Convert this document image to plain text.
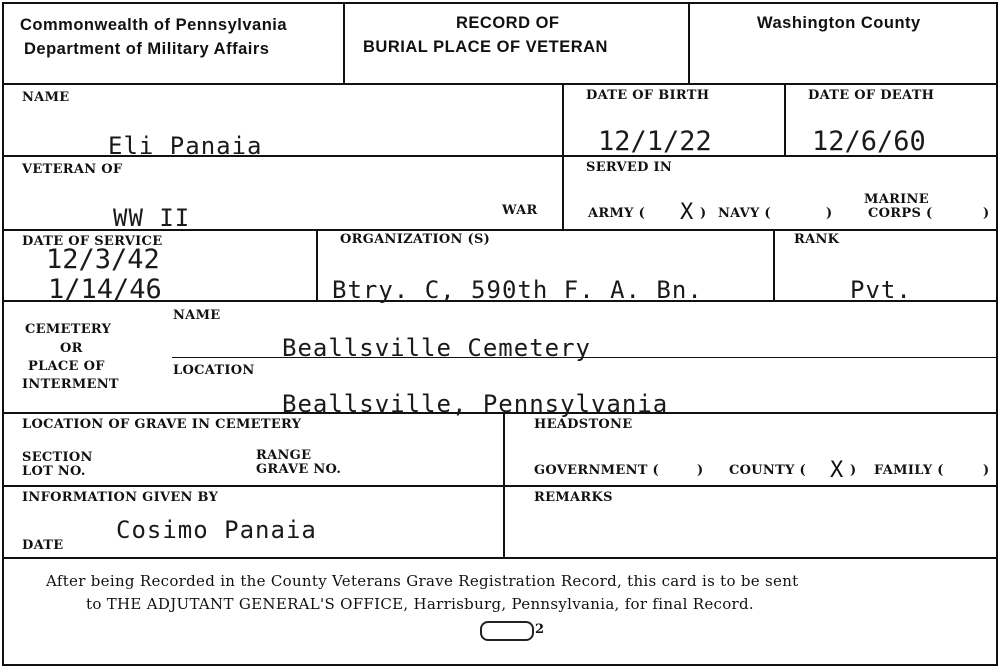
Commonwealth of Pennsylvania
Department of Military Affairs
RECORD OF
BURIAL PLACE OF VETERAN
Washington County
NAME
Eli Panaia
DATE OF BIRTH
12/1/22
DATE OF DEATH
12/6/60
VETERAN OF
WW II	WAR
SERVED IN
ARMY ( X ) NAVY (	)
MARINE
CORPS (	)
DATE OF SERVICE
12/3/42
1/14/46
ORGANIZATION (S)
Btry. C, 590th F. A. Bn.
RANK
Pvt.
CEMETERY
OR
PLACE OF
INTERMENT
NAME
Beallsville Cemetery
LOCATION
Beallsville, Pennsylvania
LOCATION OF GRAVE IN CEMETERY
SECTION
LOT NO.
RANGE
GRAVE NO.
HEADSTONE
GOVERNMENT (	) COUNTY ( X ) FAMILY (	)
INFORMATION GIVEN BY
Cosimo Panaia
DATE
REMARKS
After being Recorded in the County Veterans Grave Registration Record, this card is to be sent
to THE ADJUTANT GENERAL'S OFFICE, Harrisburg, Pennsylvania, for final Record.
2
